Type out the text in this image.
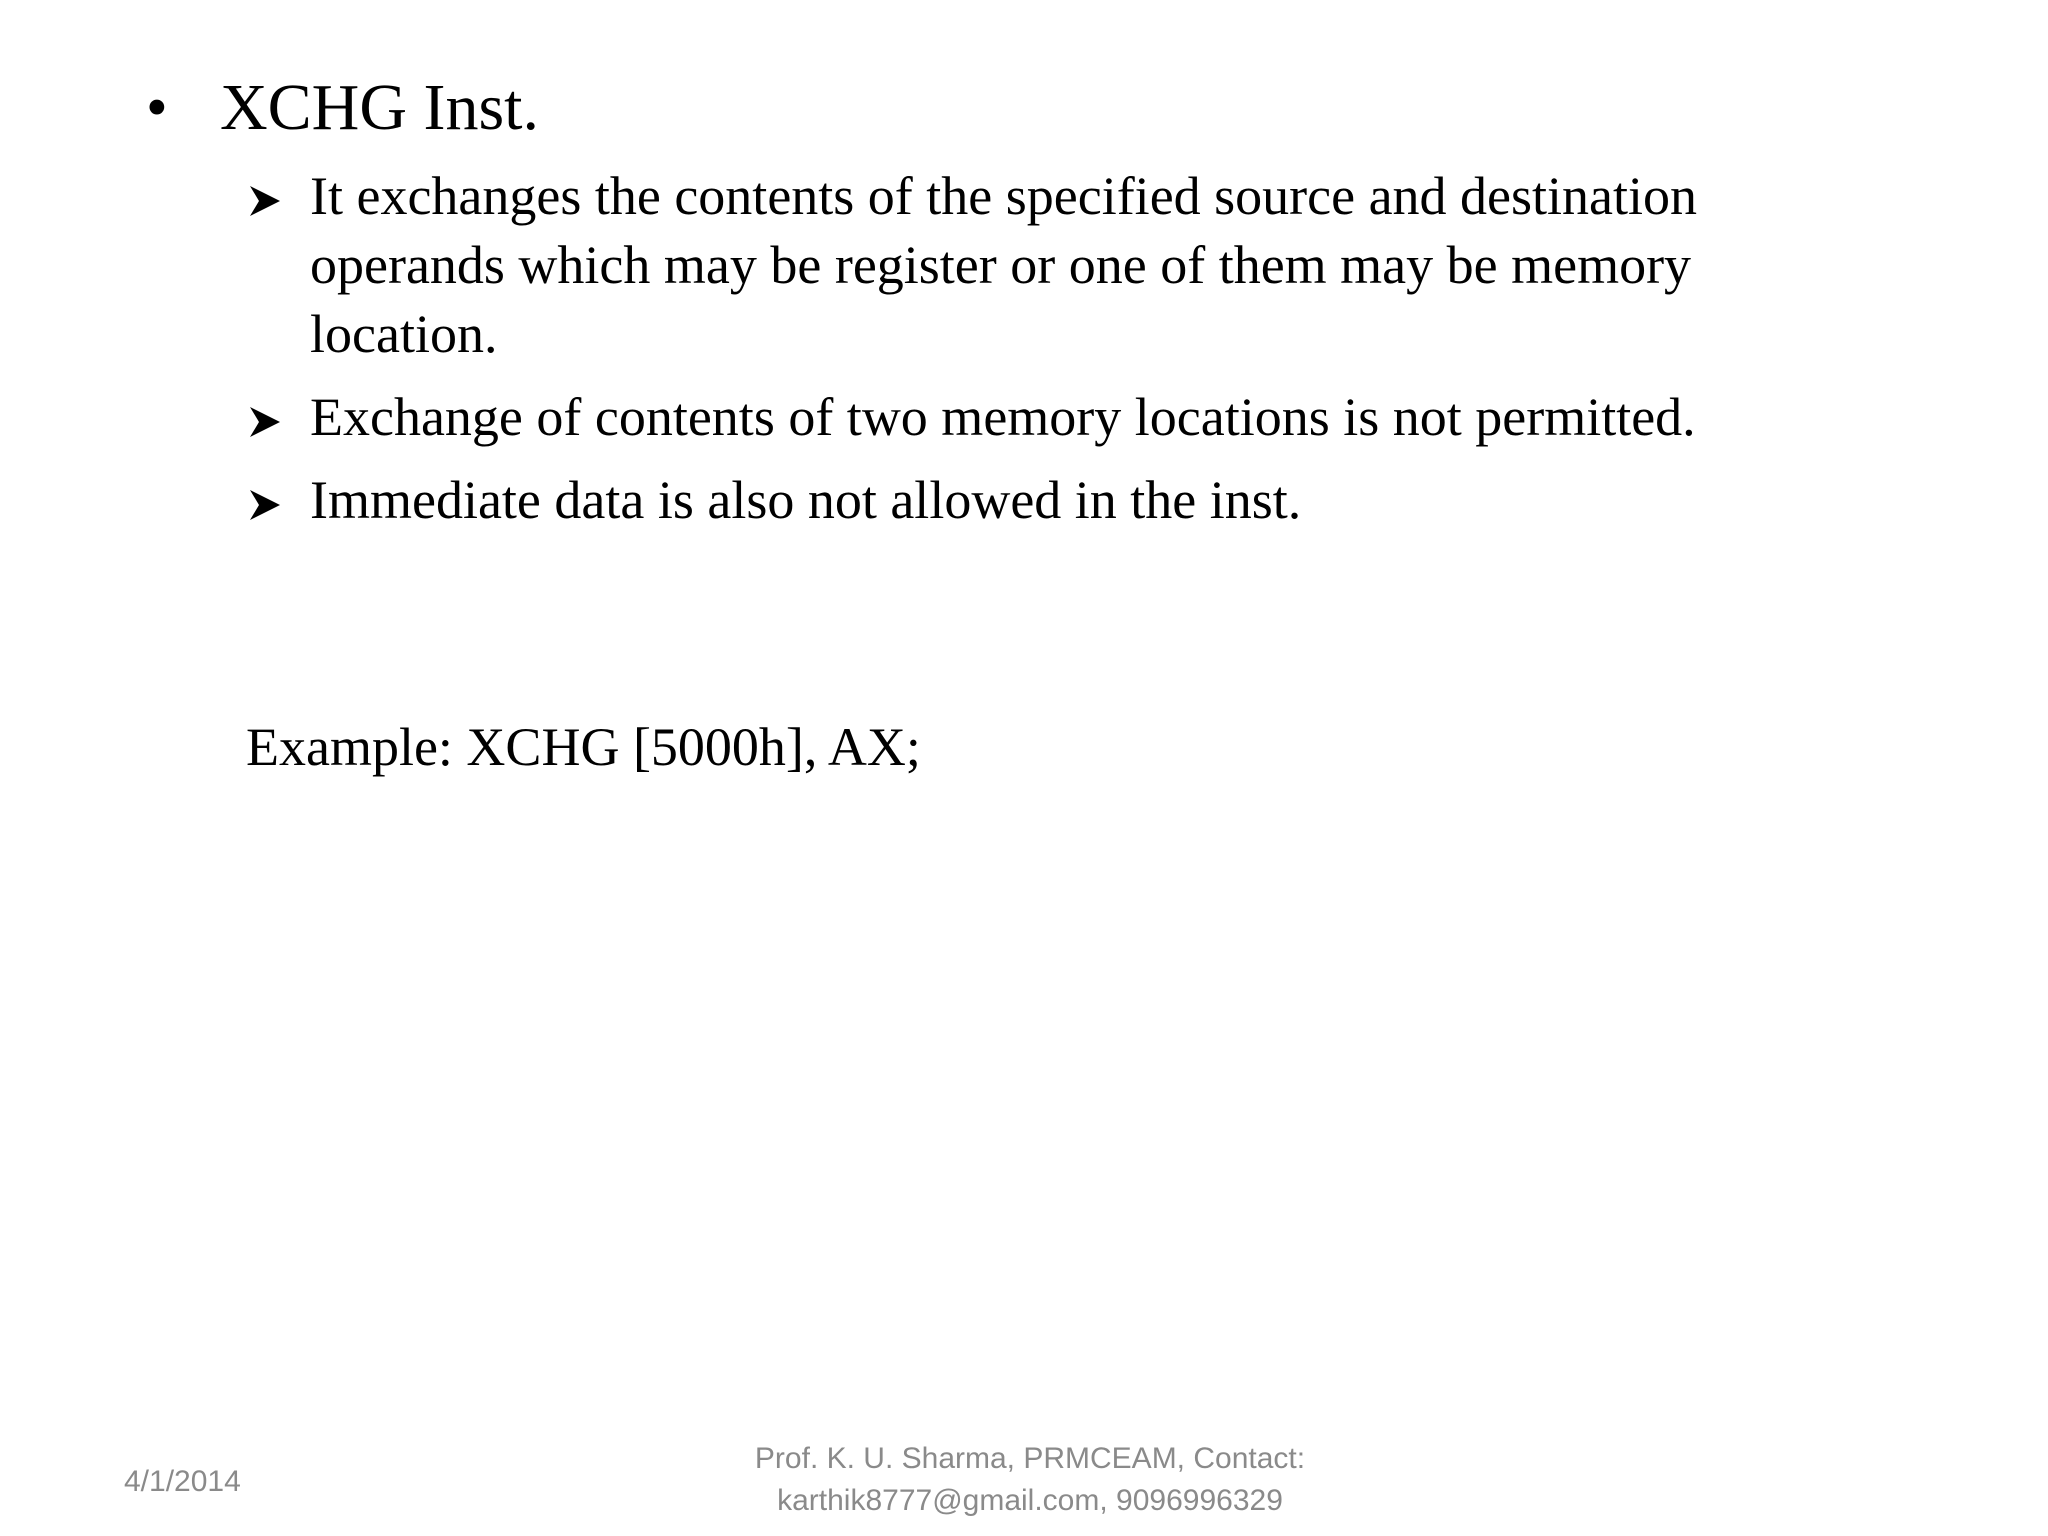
• XCHG Inst.
It exchanges the contents of the specified source and destination operands which may be register or one of them may be memory location.
Exchange of contents of two memory locations is not permitted.
Immediate data is also not allowed in the inst.
Example: XCHG [5000h], AX;
4/1/2014
Prof. K. U. Sharma, PRMCEAM, Contact:
karthik8777@gmail.com, 9096996329
